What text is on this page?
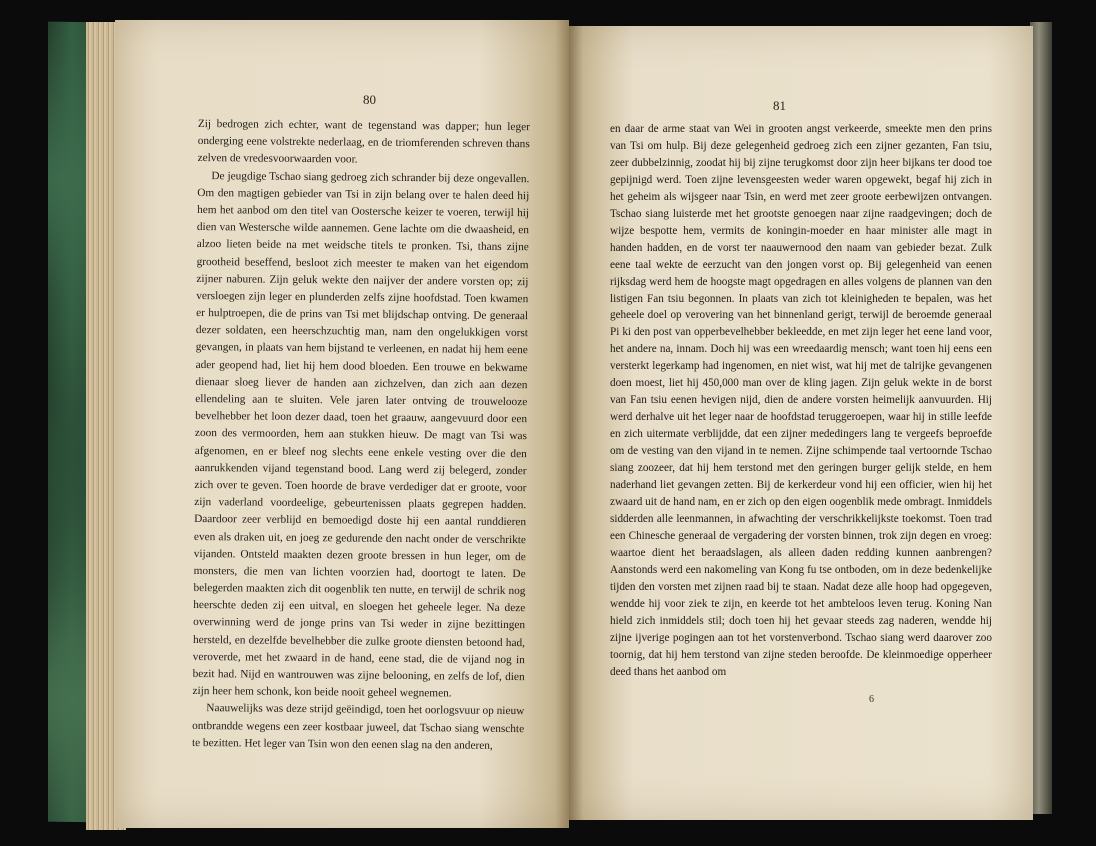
80

Zij bedrogen zich echter, want de tegenstand was dapper; hun leger onderging eene volstrekte nederlaag, en de triomferenden schreven thans zelven de vredesvoorwaarden voor.

De jeugdige Tschao siang gedroeg zich schrander bij deze ongevallen. Om den magtigen gebieder van Tsi in zijn belang over te halen deed hij hem het aanbod om den titel van Oostersche keizer te voeren, terwijl hij dien van Westersche wilde aannemen. Gene lachte om die dwaasheid, en alzoo lieten beide na met weidsche titels te pronken. Tsi, thans zijne grootheid beseffend, besloot zich meester te maken van het eigendom zijner naburen. Zijn geluk wekte den naijver der andere vorsten op; zij versloegen zijn leger en plunderden zelfs zijne hoofdstad. Toen kwamen er hulptroepen, die de prins van Tsi met blijdschap ontving. De generaal dezer soldaten, een heerschzuchtig man, nam den ongelukkigen vorst gevangen, in plaats van hem bijstand te verleenen, en nadat hij hem eene ader geopend had, liet hij hem dood bloeden. Een trouwe en bekwame dienaar sloeg liever de handen aan zichzelven, dan zich aan dezen ellendeling aan te sluiten. Vele jaren later ontving de trouwelooze bevelhebber het loon dezer daad, toen het graauw, aangevuurd door een zoon des vermoorden, hem aan stukken hieuw. De magt van Tsi was afgenomen, en er bleef nog slechts eene enkele vesting over die den aanrukkenden vijand tegenstand bood. Lang werd zij belegerd, zonder zich over te geven. Toen hoorde de brave verdediger dat er groote, voor zijn vaderland voordeelige, gebeurtenissen plaats gegrepen hadden. Daardoor zeer verblijd en bemoedigd doste hij een aantal runddieren even als draken uit, en joeg ze gedurende den nacht onder de verschrikte vijanden. Ontsteld maakten dezen groote bressen in hun leger, om de monsters, die men van lichten voorzien had, doortogt te laten. De belegerden maakten zich dit oogenblik ten nutte, en terwijl de schrik nog heerschte deden zij een uitval, en sloegen het geheele leger. Na deze overwinning werd de jonge prins van Tsi weder in zijne bezittingen hersteld, en dezelfde bevelhebber die zulke groote diensten betoond had, veroverde, met het zwaard in de hand, eene stad, die de vijand nog in bezit had. Nijd en wantrouwen was zijne belooning, en zelfs de lof, dien zijn heer hem schonk, kon beide nooit geheel wegnemen.

Naauwelijks was deze strijd geëindigd, toen het oorlogsvuur op nieuw ontbrandde wegens een zeer kostbaar juweel, dat Tschao siang wenschte te bezitten. Het leger van Tsin won den eenen slag na den anderen,

81

en daar de arme staat van Wei in grooten angst verkeerde, smeekte men den prins van Tsi om hulp. Bij deze gelegenheid gedroeg zich een zijner gezanten, Fan tsiu, zeer dubbelzinnig, zoodat hij bij zijne terugkomst door zijn heer bijkans ter dood toe gepijnigd werd. Toen zijne levensgeesten weder waren opgewekt, begaf hij zich in het geheim als wijsgeer naar Tsin, en werd met zeer groote eerbewijzen ontvangen. Tschao siang luisterde met het grootste genoegen naar zijne raadgevingen; doch de wijze bespotte hem, vermits de koningin-moeder en haar minister alle magt in handen hadden, en de vorst ter naauwernood den naam van gebieder bezat. Zulk eene taal wekte de eerzucht van den jongen vorst op. Bij gelegenheid van eenen rijksdag werd hem de hoogste magt opgedragen en alles volgens de plannen van den listigen Fan tsiu begonnen. In plaats van zich tot kleinigheden te bepalen, was het geheele doel op verovering van het binnenland gerigt, terwijl de beroemde generaal Pi ki den post van opperbevelhebber bekleedde, en met zijn leger het eene land voor, het andere na, innam. Doch hij was een wreedaardig mensch; want toen hij eens een versterkt legerkamp had ingenomen, en niet wist, wat hij met de talrijke gevangenen doen moest, liet hij 450,000 man over de kling jagen. Zijn geluk wekte in de borst van Fan tsiu eenen hevigen nijd, dien de andere vorsten heimelijk aanvuurden. Hij werd derhalve uit het leger naar de hoofdstad teruggeroepen, waar hij in stille leefde en zich uitermate verblijdde, dat een zijner mededingers lang te vergeefs beproefde om de vesting van den vijand in te nemen. Zijne schimpende taal vertoornde Tschao siang zoozeer, dat hij hem terstond met den geringen burger gelijk stelde, en hem naderhand liet gevangen zetten. Bij de kerkerdeur vond hij een officier, wien hij het zwaard uit de hand nam, en er zich op den eigen oogenblik mede ombragt. Inmiddels sidderden alle leenmannen, in afwachting der verschrikkelijkste toekomst. Toen trad een Chinesche generaal de vergadering der vorsten binnen, trok zijn degen en vroeg: waartoe dient het beraadslagen, als alleen daden redding kunnen aanbrengen? Aanstonds werd een nakomeling van Kong fu tse ontboden, om in deze bedenkelijke tijden den vorsten met zijnen raad bij te staan. Nadat deze alle hoop had opgegeven, wendde hij voor ziek te zijn, en keerde tot het ambteloos leven terug. Koning Nan hield zich inmiddels stil; doch toen hij het gevaar steeds zag naderen, wendde hij zijne ijverige pogingen aan tot het vorstenverbond. Tschao siang werd daarover zoo toornig, dat hij hem terstond van zijne steden beroofde. De kleinmoedige opperheer deed thans het aanbod om

6
